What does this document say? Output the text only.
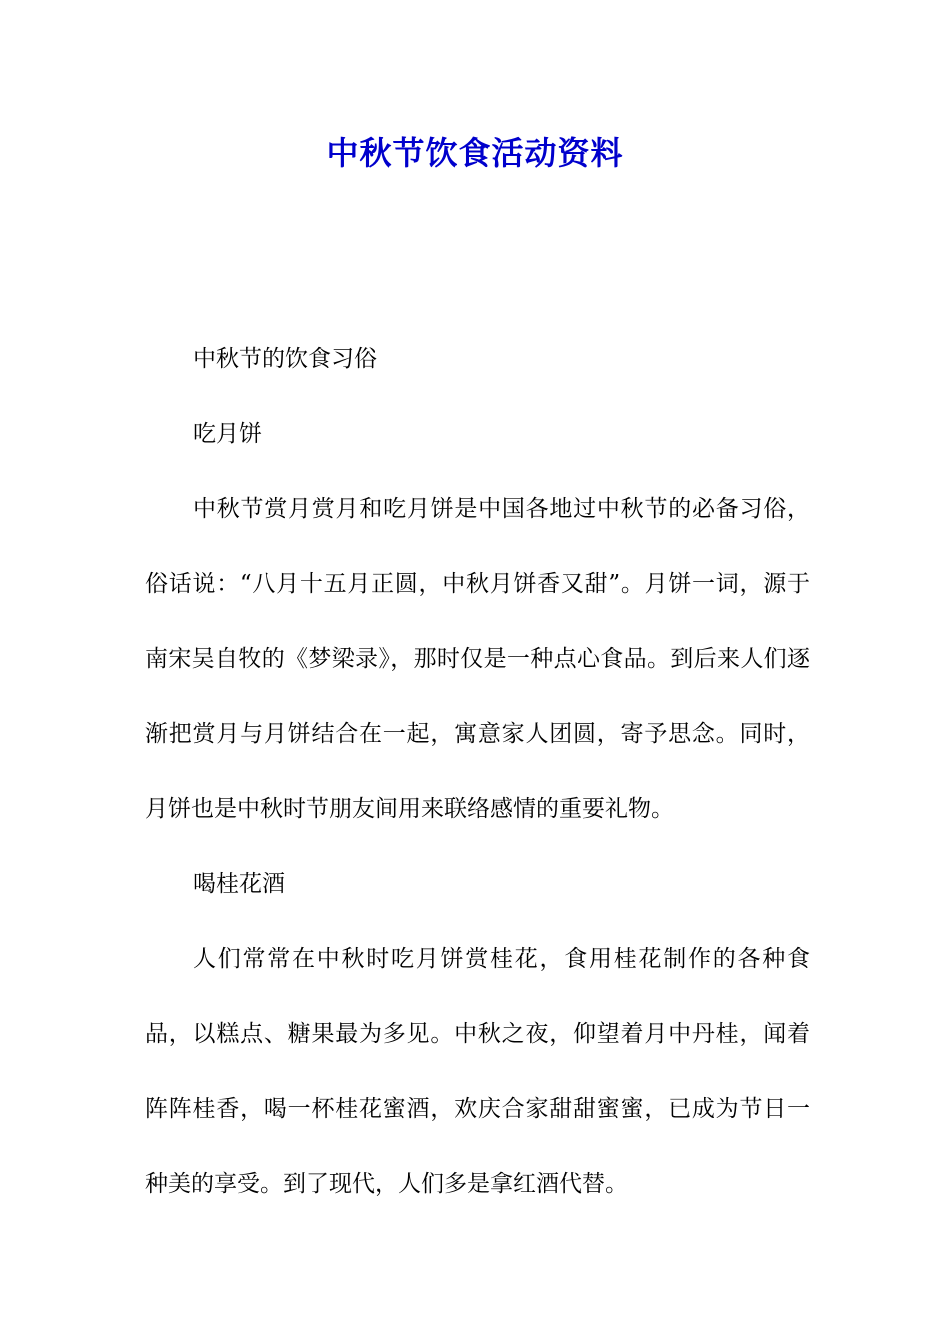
中秋节饮食活动资料

中秋节的饮食习俗

吃月饼

中秋节赏月赏月和吃月饼是中国各地过中秋节的必备习俗，俗话说：“八月十五月正圆，中秋月饼香又甜”。月饼一词，源于南宋吴自牧的《梦梁录》，那时仅是一种点心食品。到后来人们逐渐把赏月与月饼结合在一起，寓意家人团圆，寄予思念。同时，月饼也是中秋时节朋友间用来联络感情的重要礼物。

喝桂花酒

人们常常在中秋时吃月饼赏桂花，食用桂花制作的各种食品，以糕点、糖果最为多见。中秋之夜，仰望着月中丹桂，闻着阵阵桂香，喝一杯桂花蜜酒，欢庆合家甜甜蜜蜜，已成为节日一种美的享受。到了现代，人们多是拿红酒代替。
